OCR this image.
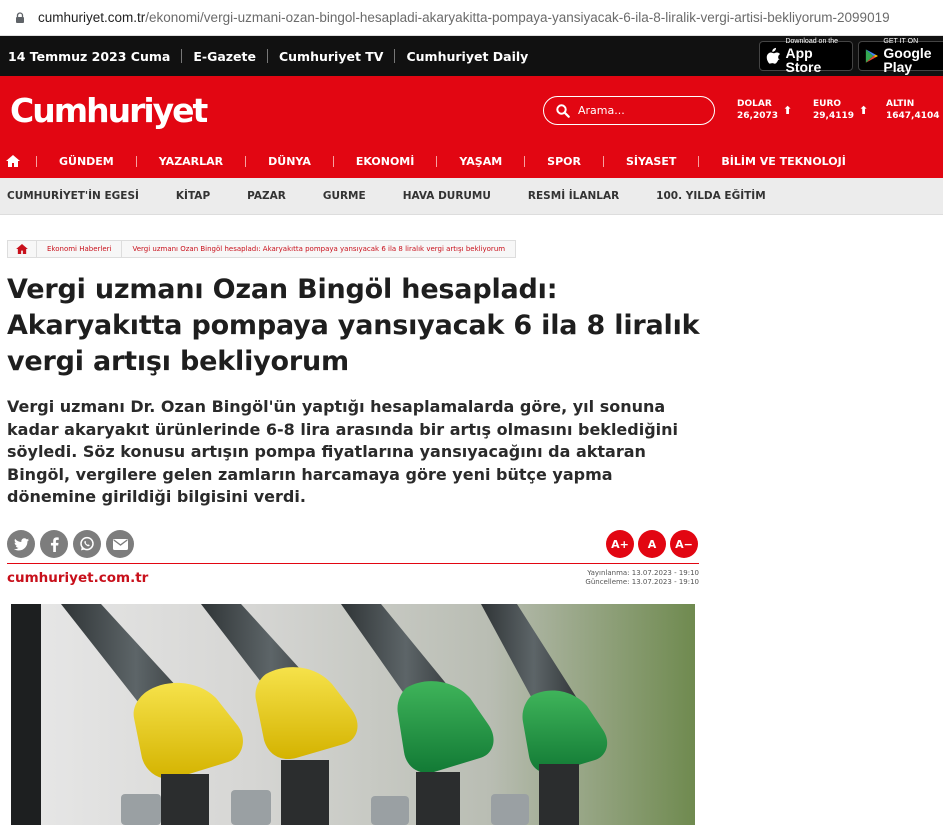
cumhuriyet.com.tr /ekonomi/vergi-uzmani-ozan-bingol-hesapladi-akaryakitta-pompaya-yansiyacak-6-ila-8-liralik-vergi-artisi-bekliyorum-2099019
14 Temmuz 2023 Cuma E-Gazete Cumhuriyet TV Cumhuriyet Daily
Download on the
App Store
GET IT ON
Google Play
Cumhuriyet
Arama...	DOLAR
26,2073 ⬆ EURO
29,4119 ⬆ ALTIN
1647,4104
GÜNDEM	YAZARLAR	DÜNYA	EKONOMİ	YAŞAM	SPOR	SİYASET	BİLİM VE TEKNOLOJİ
CUMHURİYET'İN EGESİ	KİTAP	PAZAR	GURME	HAVA DURUMU	RESMİ İLANLAR	100. YILDA EĞİTİM
Ekonomi Haberleri	Vergi uzmanı Ozan Bingöl hesapladı: Akaryakıtta pompaya yansıyacak 6 ila 8 liralık vergi artışı bekliyorum
Vergi uzmanı Ozan Bingöl hesapladı: Akaryakıtta pompaya yansıyacak 6 ila 8 liralık vergi artışı bekliyorum

Vergi uzmanı Dr. Ozan Bingöl'ün yaptığı hesaplamalarda göre, yıl sonuna kadar akaryakıt ürünlerinde 6-8 lira arasında bir artış olmasını beklediğini söyledi. Söz konusu artışın pompa fiyatlarına yansıyacağını da aktaran Bingöl, vergilere gelen zamların harcamaya göre yeni bütçe yapma dönemine girildiği bilgisini verdi.

A+	A	A−
cumhuriyet.com.tr	Yayınlanma: 13.07.2023 - 19:10
Güncelleme: 13.07.2023 - 19:10
